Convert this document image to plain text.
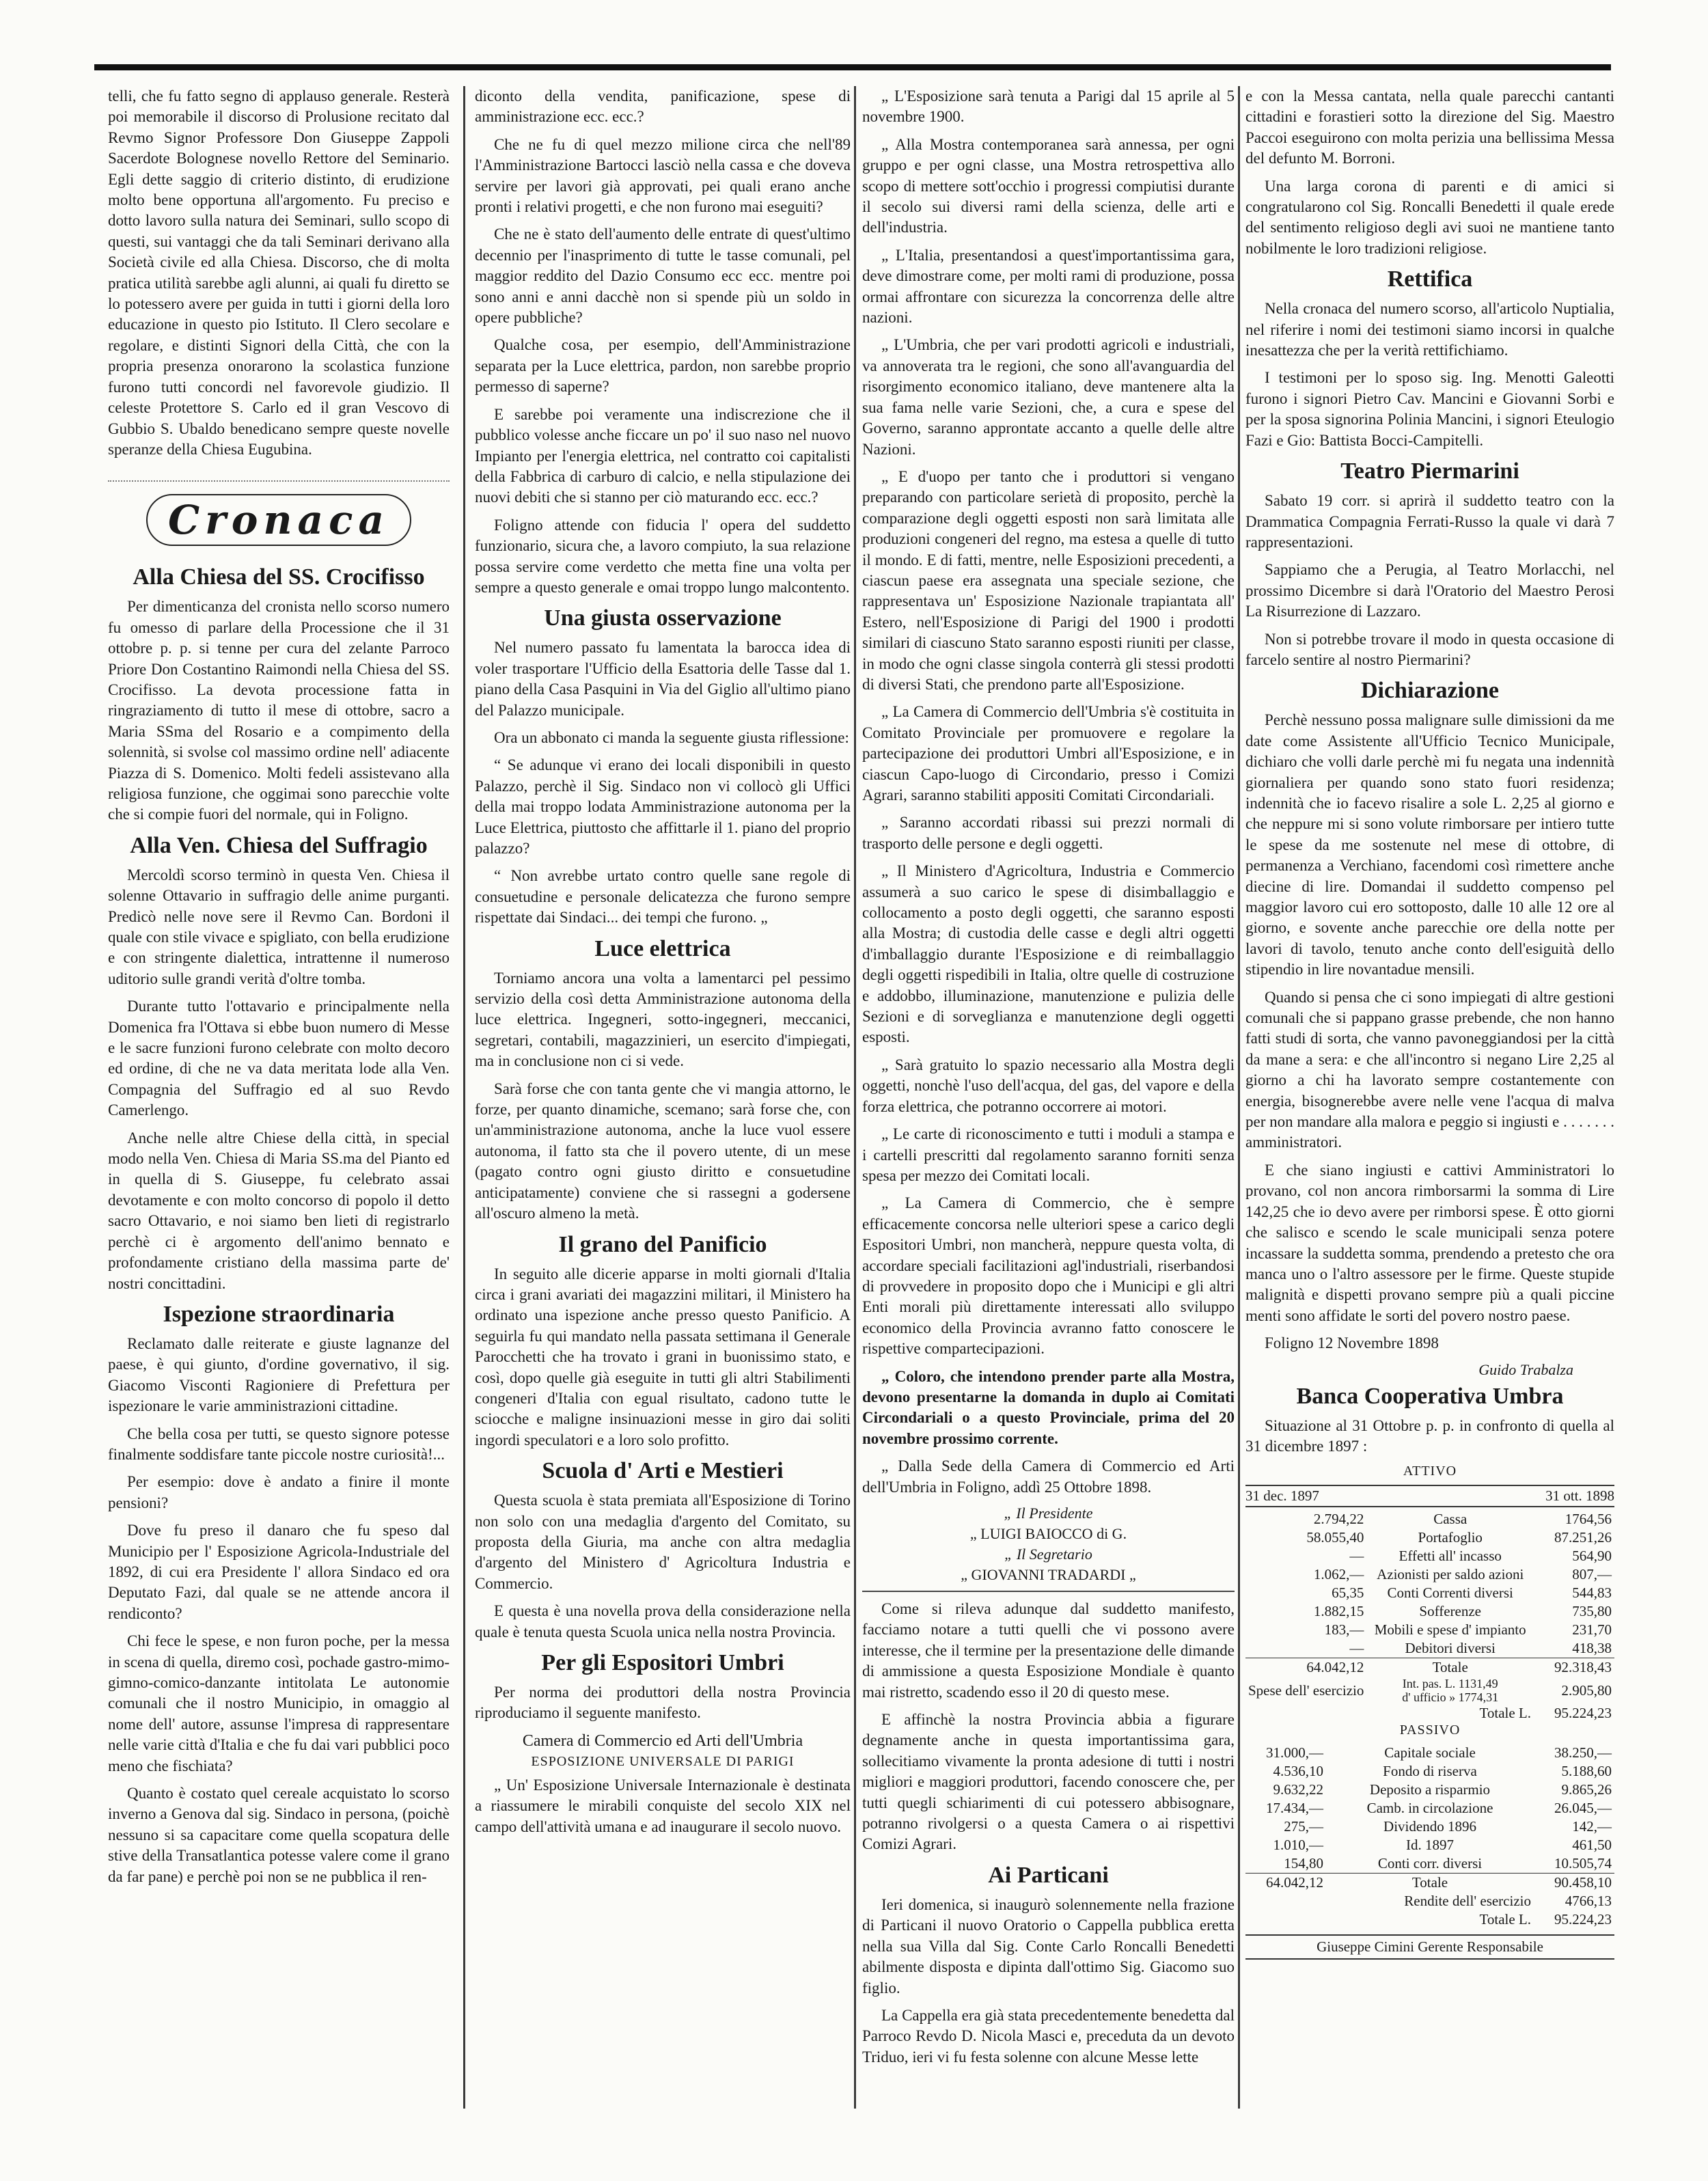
telli, che fu fatto segno di applauso generale. Resterà poi memorabile il discorso di Prolusione recitato dal Revmo Signor Professore Don Giuseppe Zappoli Sacerdote Bolognese novello Rettore del Seminario. Egli dette saggio di criterio distinto, di erudizione molto bene opportuna all'argomento. Fu preciso e dotto lavoro sulla natura dei Seminari, sullo scopo di questi, sui vantaggi che da tali Seminari derivano alla Società civile ed alla Chiesa. Discorso, che di molta pratica utilità sarebbe agli alunni, ai quali fu diretto se lo potessero avere per guida in tutti i giorni della loro educazione in questo pio Istituto. Il Clero secolare e regolare, e distinti Signori della Città, che con la propria presenza onorarono la scolastica funzione furono tutti concordi nel favorevole giudizio. Il celeste Protettore S. Carlo ed il gran Vescovo di Gubbio S. Ubaldo benedicano sempre queste novelle speranze della Chiesa Eugubina.

Cronaca
Alla Chiesa del SS. Crocifisso

Per dimenticanza del cronista nello scorso numero fu omesso di parlare della Processione che il 31 ottobre p. p. si tenne per cura del zelante Parroco Priore Don Costantino Raimondi nella Chiesa del SS. Crocifisso. La devota processione fatta in ringraziamento di tutto il mese di ottobre, sacro a Maria SSma del Rosario e a compimento della solennità, si svolse col massimo ordine nell' adiacente Piazza di S. Domenico. Molti fedeli assistevano alla religiosa funzione, che oggimai sono parecchie volte che si compie fuori del normale, qui in Foligno.

Alla Ven. Chiesa del Suffragio

Mercoldì scorso terminò in questa Ven. Chiesa il solenne Ottavario in suffragio delle anime purganti. Predicò nelle nove sere il Revmo Can. Bordoni il quale con stile vivace e spigliato, con bella erudizione e con stringente dialettica, intrattenne il numeroso uditorio sulle grandi verità d'oltre tomba.

Durante tutto l'ottavario e principalmente nella Domenica fra l'Ottava si ebbe buon numero di Messe e le sacre funzioni furono celebrate con molto decoro ed ordine, di che ne va data meritata lode alla Ven. Compagnia del Suffragio ed al suo Revdo Camerlengo.

Anche nelle altre Chiese della città, in special modo nella Ven. Chiesa di Maria SS.ma del Pianto ed in quella di S. Giuseppe, fu celebrato assai devotamente e con molto concorso di popolo il detto sacro Ottavario, e noi siamo ben lieti di registrarlo perchè ci è argomento dell'animo bennato e profondamente cristiano della massima parte de' nostri concittadini.

Ispezione straordinaria

Reclamato dalle reiterate e giuste lagnanze del paese, è qui giunto, d'ordine governativo, il sig. Giacomo Visconti Ragioniere di Prefettura per ispezionare le varie amministrazioni cittadine.

Che bella cosa per tutti, se questo signore potesse finalmente soddisfare tante piccole nostre curiosità!...

Per esempio: dove è andato a finire il monte pensioni?

Dove fu preso il danaro che fu speso dal Municipio per l' Esposizione Agricola-Industriale del 1892, di cui era Presidente l' allora Sindaco ed ora Deputato Fazi, dal quale se ne attende ancora il rendiconto?

Chi fece le spese, e non furon poche, per la messa in scena di quella, diremo così, pochade gastro-mimo-gimno-comico-danzante intitolata Le autonomie comunali che il nostro Municipio, in omaggio al nome dell' autore, assunse l'impresa di rappresentare nelle varie città d'Italia e che fu dai vari pubblici poco meno che fischiata?

Quanto è costato quel cereale acquistato lo scorso inverno a Genova dal sig. Sindaco in persona, (poichè nessuno si sa capacitare come quella scopatura delle stive della Transatlantica potesse valere come il grano da far pane) e perchè poi non se ne pubblica il ren-

diconto della vendita, panificazione, spese di amministrazione ecc. ecc.?

Che ne fu di quel mezzo milione circa che nell'89 l'Amministrazione Bartocci lasciò nella cassa e che doveva servire per lavori già approvati, pei quali erano anche pronti i relativi progetti, e che non furono mai eseguiti?

Che ne è stato dell'aumento delle entrate di quest'ultimo decennio per l'inasprimento di tutte le tasse comunali, pel maggior reddito del Dazio Consumo ecc ecc. mentre poi sono anni e anni dacchè non si spende più un soldo in opere pubbliche?

Qualche cosa, per esempio, dell'Amministrazione separata per la Luce elettrica, pardon, non sarebbe proprio permesso di saperne?

E sarebbe poi veramente una indiscrezione che il pubblico volesse anche ficcare un po' il suo naso nel nuovo Impianto per l'energia elettrica, nel contratto coi capitalisti della Fabbrica di carburo di calcio, e nella stipulazione dei nuovi debiti che si stanno per ciò maturando ecc. ecc.?

Foligno attende con fiducia l' opera del suddetto funzionario, sicura che, a lavoro compiuto, la sua relazione possa servire come verdetto che metta fine una volta per sempre a questo generale e omai troppo lungo malcontento.

Una giusta osservazione

Nel numero passato fu lamentata la barocca idea di voler trasportare l'Ufficio della Esattoria delle Tasse dal 1. piano della Casa Pasquini in Via del Giglio all'ultimo piano del Palazzo municipale.

Ora un abbonato ci manda la seguente giusta riflessione:

“ Se adunque vi erano dei locali disponibili in questo Palazzo, perchè il Sig. Sindaco non vi collocò gli Uffici della mai troppo lodata Amministrazione autonoma per la Luce Elettrica, piuttosto che affittarle il 1. piano del proprio palazzo?

“ Non avrebbe urtato contro quelle sane regole di consuetudine e personale delicatezza che furono sempre rispettate dai Sindaci... dei tempi che furono. „

Luce elettrica

Torniamo ancora una volta a lamentarci pel pessimo servizio della così detta Amministrazione autonoma della luce elettrica. Ingegneri, sotto-ingegneri, meccanici, segretari, contabili, magazzinieri, un esercito d'impiegati, ma in conclusione non ci si vede.

Sarà forse che con tanta gente che vi mangia attorno, le forze, per quanto dinamiche, scemano; sarà forse che, con un'amministrazione autonoma, anche la luce vuol essere autonoma, il fatto sta che il povero utente, di un mese (pagato contro ogni giusto diritto e consuetudine anticipatamente) conviene che si rassegni a godersene all'oscuro almeno la metà.

Il grano del Panificio

In seguito alle dicerie apparse in molti giornali d'Italia circa i grani avariati dei magazzini militari, il Ministero ha ordinato una ispezione anche presso questo Panificio. A seguirla fu qui mandato nella passata settimana il Generale Parocchetti che ha trovato i grani in buonissimo stato, e così, dopo quelle già eseguite in tutti gli altri Stabilimenti congeneri d'Italia con egual risultato, cadono tutte le sciocche e maligne insinuazioni messe in giro dai soliti ingordi speculatori e a loro solo profitto.

Scuola d' Arti e Mestieri

Questa scuola è stata premiata all'Esposizione di Torino non solo con una medaglia d'argento del Comitato, su proposta della Giuria, ma anche con altra medaglia d'argento del Ministero d' Agricoltura Industria e Commercio.

E questa è una novella prova della considerazione nella quale è tenuta questa Scuola unica nella nostra Provincia.

Per gli Espositori Umbri

Per norma dei produttori della nostra Provincia riproduciamo il seguente manifesto.

Camera di Commercio ed Arti dell'Umbria
ESPOSIZIONE UNIVERSALE DI PARIGI

„ Un' Esposizione Universale Internazionale è destinata a riassumere le mirabili conquiste del secolo XIX nel campo dell'attività umana e ad inaugurare il secolo nuovo.

„ L'Esposizione sarà tenuta a Parigi dal 15 aprile al 5 novembre 1900.

„ Alla Mostra contemporanea sarà annessa, per ogni gruppo e per ogni classe, una Mostra retrospettiva allo scopo di mettere sott'occhio i progressi compiutisi durante il secolo sui diversi rami della scienza, delle arti e dell'industria.

„ L'Italia, presentandosi a quest'importantissima gara, deve dimostrare come, per molti rami di produzione, possa ormai affrontare con sicurezza la concorrenza delle altre nazioni.

„ L'Umbria, che per vari prodotti agricoli e industriali, va annoverata tra le regioni, che sono all'avanguardia del risorgimento economico italiano, deve mantenere alta la sua fama nelle varie Sezioni, che, a cura e spese del Governo, saranno approntate accanto a quelle delle altre Nazioni.

„ E d'uopo per tanto che i produttori si vengano preparando con particolare serietà di proposito, perchè la comparazione degli oggetti esposti non sarà limitata alle produzioni congeneri del regno, ma estesa a quelle di tutto il mondo. E di fatti, mentre, nelle Esposizioni precedenti, a ciascun paese era assegnata una speciale sezione, che rappresentava un' Esposizione Nazionale trapiantata all' Estero, nell'Esposizione di Parigi del 1900 i prodotti similari di ciascuno Stato saranno esposti riuniti per classe, in modo che ogni classe singola conterrà gli stessi prodotti di diversi Stati, che prendono parte all'Esposizione.

„ La Camera di Commercio dell'Umbria s'è costituita in Comitato Provinciale per promuovere e regolare la partecipazione dei produttori Umbri all'Esposizione, e in ciascun Capo-luogo di Circondario, presso i Comizi Agrari, saranno stabiliti appositi Comitati Circondariali.

„ Saranno accordati ribassi sui prezzi normali di trasporto delle persone e degli oggetti.

„ Il Ministero d'Agricoltura, Industria e Commercio assumerà a suo carico le spese di disimballaggio e collocamento a posto degli oggetti, che saranno esposti alla Mostra; di custodia delle casse e degli altri oggetti d'imballaggio durante l'Esposizione e di reimballaggio degli oggetti rispedibili in Italia, oltre quelle di costruzione e addobbo, illuminazione, manutenzione e pulizia delle Sezioni e di sorveglianza e manutenzione degli oggetti esposti.

„ Sarà gratuito lo spazio necessario alla Mostra degli oggetti, nonchè l'uso dell'acqua, del gas, del vapore e della forza elettrica, che potranno occorrere ai motori.

„ Le carte di riconoscimento e tutti i moduli a stampa e i cartelli prescritti dal regolamento saranno forniti senza spesa per mezzo dei Comitati locali.

„ La Camera di Commercio, che è sempre efficacemente concorsa nelle ulteriori spese a carico degli Espositori Umbri, non mancherà, neppure questa volta, di accordare speciali facilitazioni agl'industriali, riserbandosi di provvedere in proposito dopo che i Municipi e gli altri Enti morali più direttamente interessati allo sviluppo economico della Provincia avranno fatto conoscere le rispettive compartecipazioni.

„ Coloro, che intendono prender parte alla Mostra, devono presentarne la domanda in duplo ai Comitati Circondariali o a questo Provinciale, prima del 20 novembre prossimo corrente.

„ Dalla Sede della Camera di Commercio ed Arti dell'Umbria in Foligno, addì 25 Ottobre 1898.

„ Il Presidente
„ LUIGI BAIOCCO di G.
„ Il Segretario
„ GIOVANNI TRADARDI „

Come si rileva adunque dal suddetto manifesto, facciamo notare a tutti quelli che vi possono avere interesse, che il termine per la presentazione delle dimande di ammissione a questa Esposizione Mondiale è quanto mai ristretto, scadendo esso il 20 di questo mese.

E affinchè la nostra Provincia abbia a figurare degnamente anche in questa importantissima gara, sollecitiamo vivamente la pronta adesione di tutti i nostri migliori e maggiori produttori, facendo conoscere che, per tutti quegli schiarimenti di cui potessero abbisognare, potranno rivolgersi o a questa Camera o ai rispettivi Comizi Agrari.

Ai Particani

Ieri domenica, si inaugurò solennemente nella frazione di Particani il nuovo Oratorio o Cappella pubblica eretta nella sua Villa dal Sig. Conte Carlo Roncalli Benedetti abilmente disposta e dipinta dall'ottimo Sig. Giacomo suo figlio.

La Cappella era già stata precedentemente benedetta dal Parroco Revdo D. Nicola Masci e, preceduta da un devoto Triduo, ieri vi fu festa solenne con alcune Messe lette

e con la Messa cantata, nella quale parecchi cantanti cittadini e forastieri sotto la direzione del Sig. Maestro Paccoi eseguirono con molta perizia una bellissima Messa del defunto M. Borroni.

Una larga corona di parenti e di amici si congratularono col Sig. Roncalli Benedetti il quale erede del sentimento religioso degli avi suoi ne mantiene tanto nobilmente le loro tradizioni religiose.

Rettifica

Nella cronaca del numero scorso, all'articolo Nuptialia, nel riferire i nomi dei testimoni siamo incorsi in qualche inesattezza che per la verità rettifichiamo.

I testimoni per lo sposo sig. Ing. Menotti Galeotti furono i signori Pietro Cav. Mancini e Giovanni Sorbi e per la sposa signorina Polinia Mancini, i signori Eteulogio Fazi e Gio: Battista Bocci-Campitelli.

Teatro Piermarini

Sabato 19 corr. si aprirà il suddetto teatro con la Drammatica Compagnia Ferrati-Russo la quale vi darà 7 rappresentazioni.

Sappiamo che a Perugia, al Teatro Morlacchi, nel prossimo Dicembre si darà l'Oratorio del Maestro Perosi La Risurrezione di Lazzaro.

Non si potrebbe trovare il modo in questa occasione di farcelo sentire al nostro Piermarini?

Dichiarazione

Perchè nessuno possa malignare sulle dimissioni da me date come Assistente all'Ufficio Tecnico Municipale, dichiaro che volli darle perchè mi fu negata una indennità giornaliera per quando sono stato fuori residenza; indennità che io facevo risalire a sole L. 2,25 al giorno e che neppure mi si sono volute rimborsare per intiero tutte le spese da me sostenute nel mese di ottobre, di permanenza a Verchiano, facendomi così rimettere anche diecine di lire. Domandai il suddetto compenso pel maggior lavoro cui ero sottoposto, dalle 10 alle 12 ore al giorno, e sovente anche parecchie ore della notte per lavori di tavolo, tenuto anche conto dell'esiguità dello stipendio in lire novantadue mensili.

Quando si pensa che ci sono impiegati di altre gestioni comunali che si pappano grasse prebende, che non hanno fatti studi di sorta, che vanno pavoneggiandosi per la città da mane a sera: e che all'incontro si negano Lire 2,25 al giorno a chi ha lavorato sempre costantemente con energia, bisognerebbe avere nelle vene l'acqua di malva per non mandare alla malora e peggio si ingiusti e . . . . . . . amministratori.

E che siano ingiusti e cattivi Amministratori lo provano, col non ancora rimborsarmi la somma di Lire 142,25 che io devo avere per rimborsi spese. È otto giorni che salisco e scendo le scale municipali senza potere incassare la suddetta somma, prendendo a pretesto che ora manca uno o l'altro assessore per le firme. Queste stupide malignità e dispetti provano sempre più a quali piccine menti sono affidate le sorti del povero nostro paese.

Foligno 12 Novembre 1898

Guido Trabalza
Banca Cooperativa Umbra

Situazione al 31 Ottobre p. p. in confronto di quella al 31 dicembre 1897 :

ATTIVO
31 dec. 1897	31 ott. 1898
2.794,22	Cassa	1764,56
58.055,40	Portafoglio	87.251,26
—	Effetti all' incasso	564,90
1.062,—	Azionisti per saldo azioni	807,—
65,35	Conti Correnti diversi	544,83
1.882,15	Sofferenze	735,80
183,—	Mobili e spese d' impianto	231,70
—	Debitori diversi	418,38
64.042,12	Totale	92.318,43
Spese dell' esercizio	Int. pas. L. 1131,49
d' ufficio » 1774,31	2.905,80
	Totale L.	95.224,23
PASSIVO
31.000,—	Capitale sociale	38.250,—
4.536,10	Fondo di riserva	5.188,60
9.632,22	Deposito a risparmio	9.865,26
17.434,—	Camb. in circolazione	26.045,—
275,—	Dividendo 1896	142,—
1.010,—	Id. 1897	461,50
154,80	Conti corr. diversi	10.505,74
64.042,12	Totale	90.458,10
	Rendite dell' esercizio	4766,13
	Totale L.	95.224,23
Giuseppe Cimini Gerente Responsabile
